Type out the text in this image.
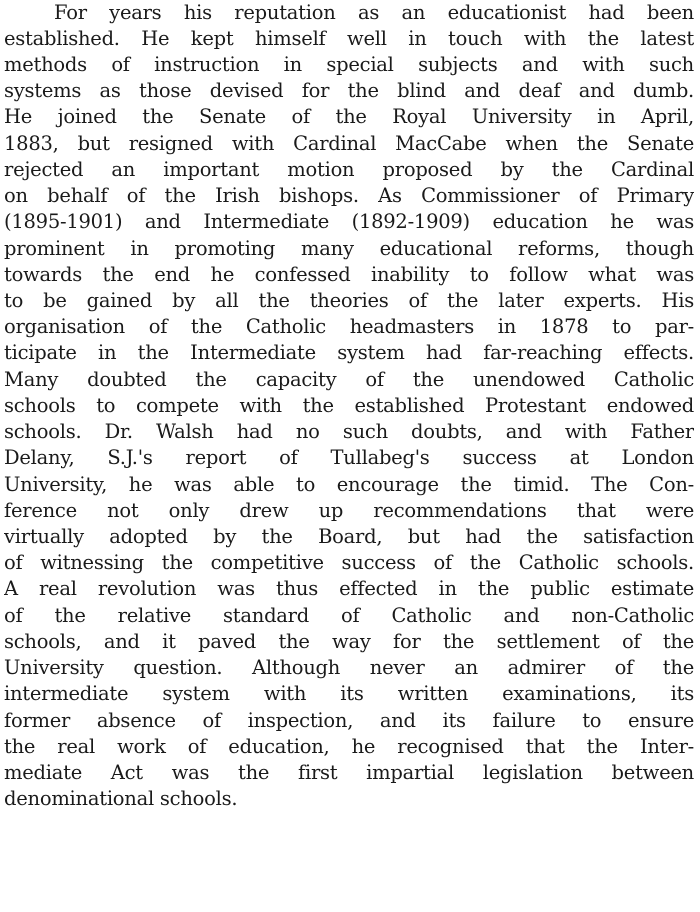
For years his reputation as an educationist had been
established. He kept himself well in touch with the latest
methods of instruction in special subjects and with such
systems as those devised for the blind and deaf and dumb.
He joined the Senate of the Royal University in April,
1883, but resigned with Cardinal MacCabe when the Senate
rejected an important motion proposed by the Cardinal
on behalf of the Irish bishops. As Commissioner of Primary
(1895-1901) and Intermediate (1892-1909) education he was
prominent in promoting many educational reforms, though
towards the end he confessed inability to follow what was
to be gained by all the theories of the later experts. His
organisation of the Catholic headmasters in 1878 to par-
ticipate in the Intermediate system had far-reaching effects.
Many doubted the capacity of the unendowed Catholic
schools to compete with the established Protestant endowed
schools. Dr. Walsh had no such doubts, and with Father
Delany, S.J.'s report of Tullabeg's success at London
University, he was able to encourage the timid. The Con-
ference not only drew up recommendations that were
virtually adopted by the Board, but had the satisfaction
of witnessing the competitive success of the Catholic schools.
A real revolution was thus effected in the public estimate
of the relative standard of Catholic and non-Catholic
schools, and it paved the way for the settlement of the
University question. Although never an admirer of the
intermediate system with its written examinations, its
former absence of inspection, and its failure to ensure
the real work of education, he recognised that the Inter-
mediate Act was the first impartial legislation between
denominational schools.
